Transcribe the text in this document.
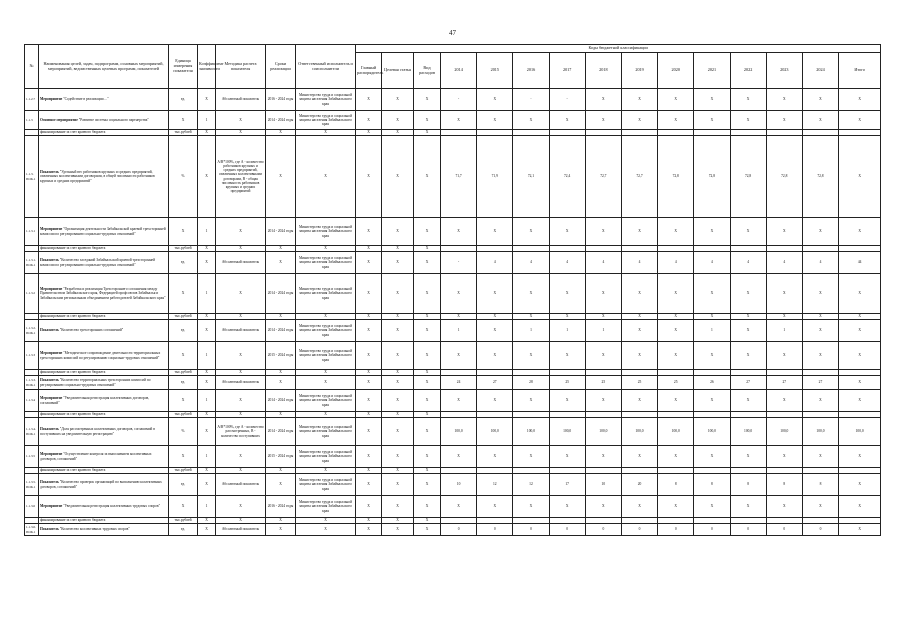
47
№	Наименования целей, задач, подпрограмм, основных мероприятий, мероприятий, ведомственных целевых программ, показателей	Единица измерения показателя	Коэффициент значимости	Методика расчета показателя	Сроки реализации	Ответственный исполнитель и соисполнители	Коды бюджетной классификации														
							Главный распорядитель	Целевая статья	Вид расходов	2014	2015	2016	2017	2018	2019	2020	2021	2022	2023	2024	Итого
1.1.2.7	Мероприятие "Содействие в реализации ..."	ед.	X	Абсолютный показатель	2016 - 2024 годы	Министерство труда и социальной защиты населения Забайкальского края	X	X	X	-	X	-	-	X	X	X	X	X	X	X	X
1.1.3	Основное мероприятие "Развитие системы социального партнерства"	X	1	X	2014 - 2024 годы	Министерство труда и социальной защиты населения Забайкальского края	X	X	X	X	X	X	X	X	X	X	X	X	X	X	X
	финансирование за счет краевого бюджета	тыс.рублей	X	X	X	X	X	X	X												
1.1.3. ПОК.1	Показатель "Удельный вес работников крупных и средних предприятий, охваченных коллективными договорами, в общей численности работников крупных и средних предприятий"	%	X	А/В*100%, где А - количество работников крупных и средних предприятий, охваченных коллективными договорами, В - общая численность работников крупных и средних предприятий	X	X	X	X	X	71,7	71,9	72,1	72,4	72,7	72,7	72,8	72,8	72,8	72,8	72,8	X
1.1.3.1	Мероприятие "Организация деятельности Забайкальской краевой трехсторонней комиссии по регулированию социально-трудовых отношений"	X	1	X	2014 - 2024 годы	Министерство труда и социальной защиты населения Забайкальского края	X	X	X	X	X	X	X	X	X	X	X	X	X	X	X
	финансирование за счет краевого бюджета	тыс.рублей	X	X	X	X	X	X	X												
1.1.3.1. ПОК.1	Показатель "Количество заседаний Забайкальской краевой трехсторонней комиссии по регулированию социально-трудовых отношений"	ед.	X	Абсолютный показатель	X	Министерство труда и социальной защиты населения Забайкальского края	X	X	X	-	4	4	4	4	4	4	4	4	4	4	44
1.1.3.2	Мероприятие "Разработка и реализация Трехстороннего соглашения между Правительством Забайкальского края, Федерацией профсоюзов Забайкалья и Забайкальским региональным объединением работодателей Забайкальского края"	X	1	X	2014 - 2024 годы	Министерство труда и социальной защиты населения Забайкальского края	X	X	X	X	X	X	X	X	X	X	X	X	X	X	X
	финансирование за счет краевого бюджета	тыс.рублей	X	X	X	X	X	X	X	X	X	X	X	X	X	X	X	X	X	X	X
1.1.3.2. ПОК.1	Показатель "Количество трехсторонних соглашений"	ед.	X	Абсолютный показатель	2014 - 2024 годы	Министерство труда и социальной защиты населения Забайкальского края	X	X	X	1	X	1	1	1	X	X	1	X	1	X	X
1.1.3.3	Мероприятие "Методическое сопровождение деятельности территориальных трехсторонних комиссий по регулированию социально-трудовых отношений"	X	1	X	2015 - 2024 годы	Министерство труда и социальной защиты населения Забайкальского края	X	X	X	X	X	X	X	X	X	X	X	X	X	X	X
	финансирование за счет краевого бюджета	тыс.рублей	X	X	X	X	X	X	X												
1.1.3.3. ПОК.1	Показатель "Количество территориальных трехсторонних комиссий по регулированию социально-трудовых отношений"	ед.	X	Абсолютный показатель	X	X	X	X	X	24	27	28	25	25	25	25	26	27	27	27	X
1.1.3.4	Мероприятие "Уведомительная регистрация коллективных договоров, соглашений"	X	1	X	2014 - 2024 годы	Министерство труда и социальной защиты населения Забайкальского края	X	X	X	X	X	X	X	X	X	X	X	X	X	X	X
	финансирование за счет краевого бюджета	тыс.рублей	X	X	X	X	X	X	X												
1.1.3.4. ПОК.1	Показатель "Доля рассмотренных коллективных договоров, соглашений в поступивших на уведомительную регистрацию"	%	X	А/В*100%, где А - количество рассмотренных, В - количество поступивших	2014 - 2024 годы	Министерство труда и социальной защиты населения Забайкальского края	X	X	X	100,0	100,0	100,0	100,0	100,0	100,0	100,0	100,0	100,0	100,0	100,0	100,0
1.1.3.5	Мероприятие "Осуществление контроля за выполнением коллективных договоров, соглашений"	X	1	X	2015 - 2024 годы	Министерство труда и социальной защиты населения Забайкальского края	X	X	X	X	X	X	X	X	X	X	X	X	X	X	X
	финансирование за счет краевого бюджета	тыс.рублей	X	X	X	X	X	X	X												
1.1.3.5. ПОК.1	Показатель "Количество проверок организаций по выполнению коллективных договоров, соглашений"	ед.	X	Абсолютный показатель	X	Министерство труда и социальной защиты населения Забайкальского края	X	X	X	10	12	12	17	10	20	8	8	8	8	8	X
1.1.3.6	Мероприятие "Уведомительная регистрация коллективных трудовых споров"	X	1	X	2016 - 2024 годы	Министерство труда и социальной защиты населения Забайкальского края	X	X	X	X	X	X	X	X	X	X	X	X	X	X	X
	финансирование за счет краевого бюджета	тыс.рублей	X	X	X	X	X	X	X												
1.1.3.6. ПОК.1	Показатель "Количество коллективных трудовых споров"	ед.	X	Абсолютный показатель	X	X	X	X	X	0	0	0	0	0	0	0	0	0	0	0	X
